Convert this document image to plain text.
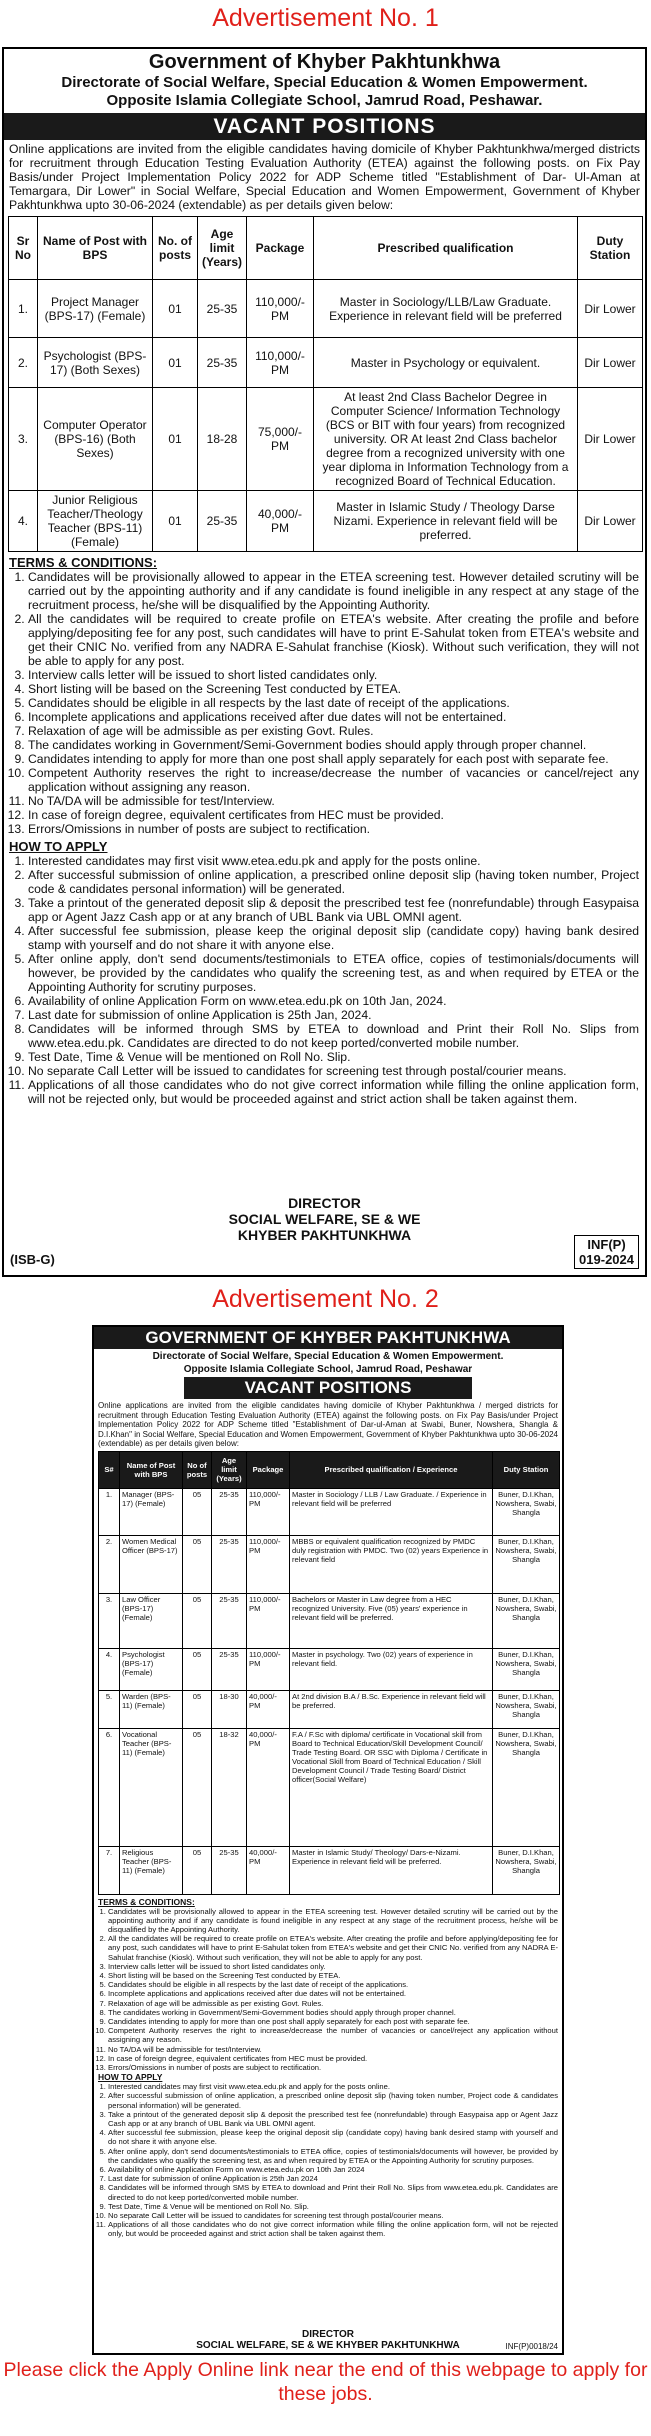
Advertisement No. 1
Government of Khyber Pakhtunkhwa
Directorate of Social Welfare, Special Education & Women Empowerment.
Opposite Islamia Collegiate School, Jamrud Road, Peshawar.
VACANT POSITIONS
Online applications are invited from the eligible candidates having domicile of Khyber Pakhtunkhwa/merged districts for recruitment through Education Testing Evaluation Authority (ETEA) against the following posts. on Fix Pay Basis/under Project Implementation Policy 2022 for ADP Scheme titled "Establishment of Dar- Ul-Aman at Temargara, Dir Lower" in Social Welfare, Special Education and Women Empowerment, Government of Khyber Pakhtunkhwa upto 30-06-2024 (extendable) as per details given below:
Sr No	Name of Post with BPS	No. of posts	Age limit (Years)	Package	Prescribed qualification	Duty Station
1.	Project Manager (BPS-17) (Female)	01	25-35	110,000/- PM	Master in Sociology/LLB/Law Graduate. Experience in relevant field will be preferred	Dir Lower
2.	Psychologist (BPS-17) (Both Sexes)	01	25-35	110,000/- PM	Master in Psychology or equivalent.	Dir Lower
3.	Computer Operator (BPS-16) (Both Sexes)	01	18-28	75,000/- PM	At least 2nd Class Bachelor Degree in Computer Science/ Information Technology (BCS or BIT with four years) from recognized university. OR At least 2nd Class bachelor degree from a recognized university with one year diploma in Information Technology from a recognized Board of Technical Education.	Dir Lower
4.	Junior Religious Teacher/Theology Teacher (BPS-11) (Female)	01	25-35	40,000/- PM	Master in Islamic Study / Theology Darse Nizami. Experience in relevant field will be preferred.	Dir Lower
TERMS & CONDITIONS:
1. Candidates will be provisionally allowed to appear in the ETEA screening test. However detailed scrutiny will be carried out by the appointing authority and if any candidate is found ineligible in any respect at any stage of the recruitment process, he/she will be disqualified by the Appointing Authority.
2. All the candidates will be required to create profile on ETEA's website. After creating the profile and before applying/depositing fee for any post, such candidates will have to print E-Sahulat token from ETEA's website and get their CNIC No. verified from any NADRA E-Sahulat franchise (Kiosk). Without such verification, they will not be able to apply for any post.
3. Interview calls letter will be issued to short listed candidates only.
4. Short listing will be based on the Screening Test conducted by ETEA.
5. Candidates should be eligible in all respects by the last date of receipt of the applications.
6. Incomplete applications and applications received after due dates will not be entertained.
7. Relaxation of age will be admissible as per existing Govt. Rules.
8. The candidates working in Government/Semi-Government bodies should apply through proper channel.
9. Candidates intending to apply for more than one post shall apply separately for each post with separate fee.
10. Competent Authority reserves the right to increase/decrease the number of vacancies or cancel/reject any application without assigning any reason.
11. No TA/DA will be admissible for test/Interview.
12. In case of foreign degree, equivalent certificates from HEC must be provided.
13. Errors/Omissions in number of posts are subject to rectification.
HOW TO APPLY
1. Interested candidates may first visit www.etea.edu.pk and apply for the posts online.
2. After successful submission of online application, a prescribed online deposit slip (having token number, Project code & candidates personal information) will be generated.
3. Take a printout of the generated deposit slip & deposit the prescribed test fee (nonrefundable) through Easypaisa app or Agent Jazz Cash app or at any branch of UBL Bank via UBL OMNI agent.
4. After successful fee submission, please keep the original deposit slip (candidate copy) having bank desired stamp with yourself and do not share it with anyone else.
5. After online apply, don't send documents/testimonials to ETEA office, copies of testimonials/documents will however, be provided by the candidates who qualify the screening test, as and when required by ETEA or the Appointing Authority for scrutiny purposes.
6. Availability of online Application Form on www.etea.edu.pk on 10th Jan, 2024.
7. Last date for submission of online Application is 25th Jan, 2024.
8. Candidates will be informed through SMS by ETEA to download and Print their Roll No. Slips from www.etea.edu.pk. Candidates are directed to do not keep ported/converted mobile number.
9. Test Date, Time & Venue will be mentioned on Roll No. Slip.
10. No separate Call Letter will be issued to candidates for screening test through postal/courier means.
11. Applications of all those candidates who do not give correct information while filling the online application form, will not be rejected only, but would be proceeded against and strict action shall be taken against them.
DIRECTOR
SOCIAL WELFARE, SE & WE
KHYBER PAKHTUNKHWA
(ISB-G)
INF(P)
019-2024
Advertisement No. 2
GOVERNMENT OF KHYBER PAKHTUNKHWA
Directorate of Social Welfare, Special Education & Women Empowerment.
Opposite Islamia Collegiate School, Jamrud Road, Peshawar
VACANT POSITIONS
Online applications are invited from the eligible candidates having domicile of Khyber Pakhtunkhwa / merged districts for recruitment through Education Testing Evaluation Authority (ETEA) against the following posts. on Fix Pay Basis/under Project Implementation Policy 2022 for ADP Scheme titled "Establishment of Dar-ul-Aman at Swabi, Buner, Nowshera, Shangla & D.I.Khan" in Social Welfare, Special Education and Women Empowerment, Government of Khyber Pakhtunkhwa upto 30-06-2024 (extendable) as per details given below:
S#	Name of Post with BPS	No of posts	Age limit (Years)	Package	Prescribed qualification / Experience	Duty Station
1.	Manager (BPS-17) (Female)	05	25-35	110,000/- PM	Master in Sociology / LLB / Law Graduate. / Experience in relevant field will be preferred	Buner, D.I.Khan, Nowshera, Swabi, Shangla
2.	Women Medical Officer (BPS-17)	05	25-35	110,000/- PM	MBBS or equivalent qualification recognized by PMDC duly registration with PMDC. Two (02) years Experience in relevant field	Buner, D.I.Khan, Nowshera, Swabi, Shangla
3.	Law Officer (BPS-17) (Female)	05	25-35	110,000/- PM	Bachelors or Master in Law degree from a HEC recognized University. Five (05) years' experience in relevant field will be preferred.	Buner, D.I.Khan, Nowshera, Swabi, Shangla
4.	Psychologist (BPS-17) (Female)	05	25-35	110,000/- PM	Master in psychology. Two (02) years of experience in relevant field.	Buner, D.I.Khan, Nowshera, Swabi, Shangla
5.	Warden (BPS-11) (Female)	05	18-30	40,000/- PM	At 2nd division B.A / B.Sc. Experience in relevant field will be preferred.	Buner, D.I.Khan, Nowshera, Swabi, Shangla
6.	Vocational Teacher (BPS- 11) (Female)	05	18-32	40,000/- PM	F.A / F.Sc with diploma/ certificate in Vocational skill from Board to Technical Education/Skill Development Council/ Trade Testing Board. OR SSC with Diploma / Certificate in Vocational Skill from Board of Technical Education / Skill Development Council / Trade Testing Board/ District officer(Social Welfare)	Buner, D.I.Khan, Nowshera, Swabi, Shangla
7.	Religious Teacher (BPS- 11) (Female)	05	25-35	40,000/- PM	Master in Islamic Study/ Theology/ Dars-e-Nizami. Experience in relevant field will be preferred.	Buner, D.I.Khan, Nowshera, Swabi, Shangla
TERMS & CONDITIONS:
1. Candidates will be provisionally allowed to appear in the ETEA screening test. However detailed scrutiny will be carried out by the appointing authority and if any candidate is found ineligible in any respect at any stage of the recruitment process, he/she will be disqualified by the Appointing Authority.
2. All the candidates will be required to create profile on ETEA's website. After creating the profile and before applying/depositing fee for any post, such candidates will have to print E-Sahulat token from ETEA's website and get their CNIC No. verified from any NADRA E-Sahulat franchise (Kiosk). Without such verification, they will not be able to apply for any post.
3. Interview calls letter will be issued to short listed candidates only.
4. Short listing will be based on the Screening Test conducted by ETEA.
5. Candidates should be eligible in all respects by the last date of receipt of the applications.
6. Incomplete applications and applications received after due dates will not be entertained.
7. Relaxation of age will be admissible as per existing Govt. Rules.
8. The candidates working in Government/Semi-Government bodies should apply through proper channel.
9. Candidates intending to apply for more than one post shall apply separately for each post with separate fee.
10. Competent Authority reserves the right to increase/decrease the number of vacancies or cancel/reject any application without assigning any reason.
11. No TA/DA will be admissible for test/Interview.
12. In case of foreign degree, equivalent certificates from HEC must be provided.
13. Errors/Omissions in number of posts are subject to rectification.
HOW TO APPLY
1. Interested candidates may first visit www.etea.edu.pk and apply for the posts online.
2. After successful submission of online application, a prescribed online deposit slip (having token number, Project code & candidates personal information) will be generated.
3. Take a printout of the generated deposit slip & deposit the prescribed test fee (nonrefundable) through Easypaisa app or Agent Jazz Cash app or at any branch of UBL Bank via UBL OMNI agent.
4. After successful fee submission, please keep the original deposit slip (candidate copy) having bank desired stamp with yourself and do not share it with anyone else.
5. After online apply, don't send documents/testimonials to ETEA office, copies of testimonials/documents will however, be provided by the candidates who qualify the screening test, as and when required by ETEA or the Appointing Authority for scrutiny purposes.
6. Availability of online Application Form on www.etea.edu.pk on 10th Jan 2024
7. Last date for submission of online Application is 25th Jan 2024
8. Candidates will be informed through SMS by ETEA to download and Print their Roll No. Slips from www.etea.edu.pk. Candidates are directed to do not keep ported/converted mobile number.
9. Test Date, Time & Venue will be mentioned on Roll No. Slip.
10. No separate Call Letter will be issued to candidates for screening test through postal/courier means.
11. Applications of all those candidates who do not give correct information while filling the online application form, will not be rejected only, but would be proceeded against and strict action shall be taken against them.
DIRECTOR
SOCIAL WELFARE, SE & WE KHYBER PAKHTUNKHWA	INF(P)0018/24
Please click the Apply Online link near the end of this webpage to apply for these jobs.
